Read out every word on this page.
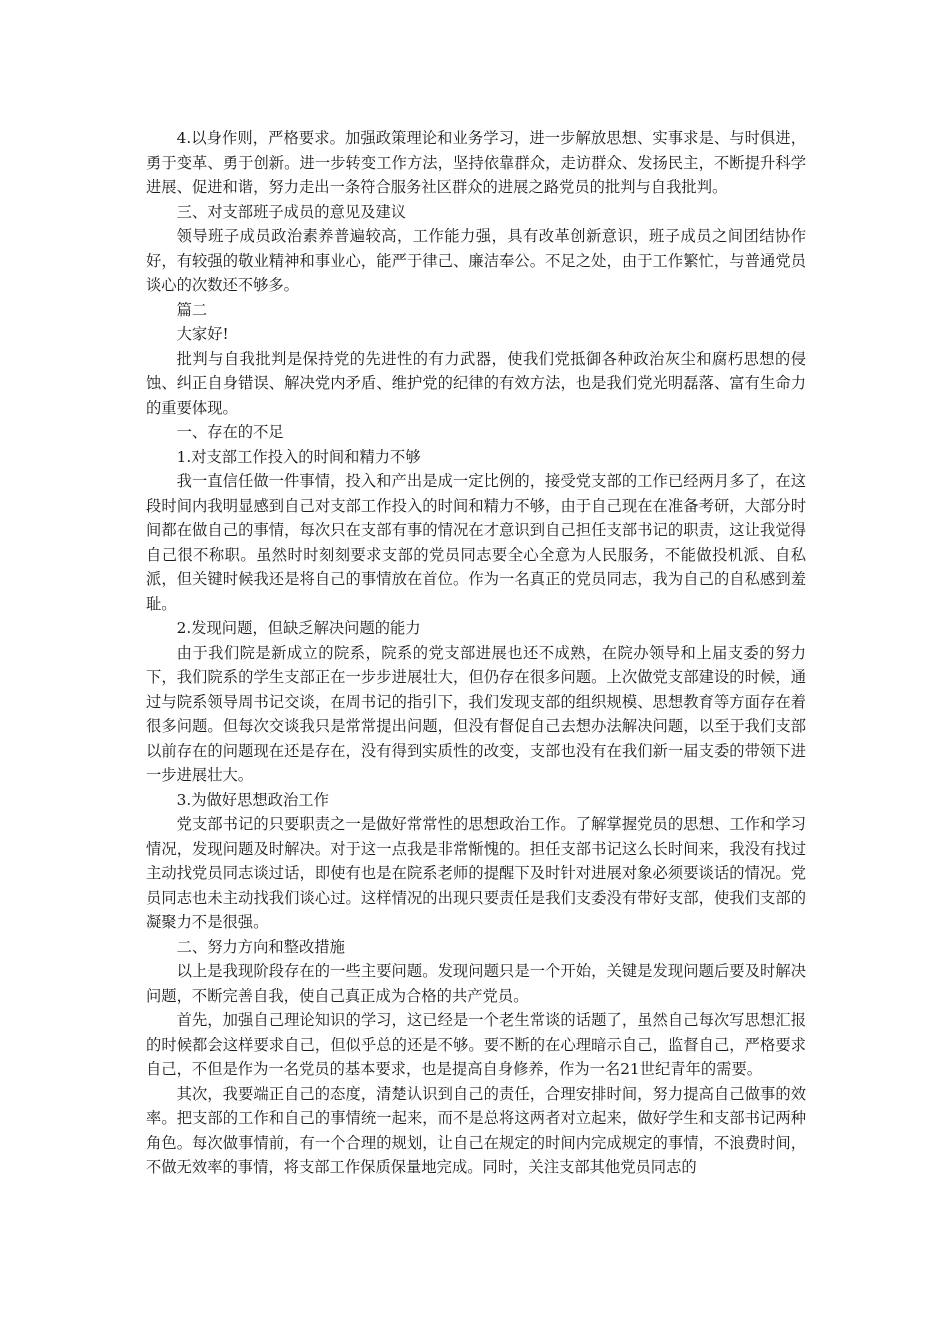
4.以身作则，严格要求。加强政策理论和业务学习，进一步解放思想、实事求是、与时俱进，勇于变革、勇于创新。进一步转变工作方法，坚持依靠群众，走访群众、发扬民主，不断提升科学进展、促进和谐，努力走出一条符合服务社区群众的进展之路党员的批判与自我批判。

三、对支部班子成员的意见及建议

领导班子成员政治素养普遍较高，工作能力强，具有改革创新意识，班子成员之间团结协作好，有较强的敬业精神和事业心，能严于律己、廉洁奉公。不足之处，由于工作繁忙，与普通党员谈心的次数还不够多。

篇二

大家好!

批判与自我批判是保持党的先进性的有力武器，使我们党抵御各种政治灰尘和腐朽思想的侵蚀、纠正自身错误、解决党内矛盾、维护党的纪律的有效方法，也是我们党光明磊落、富有生命力的重要体现。

一、存在的不足

1.对支部工作投入的时间和精力不够

我一直信任做一件事情，投入和产出是成一定比例的，接受党支部的工作已经两月多了，在这段时间内我明显感到自己对支部工作投入的时间和精力不够，由于自己现在在准备考研，大部分时间都在做自己的事情，每次只在支部有事的情况在才意识到自己担任支部书记的职责，这让我觉得自己很不称职。虽然时时刻刻要求支部的党员同志要全心全意为人民服务，不能做投机派、自私派，但关键时候我还是将自己的事情放在首位。作为一名真正的党员同志，我为自己的自私感到羞耻。

2.发现问题，但缺乏解决问题的能力

由于我们院是新成立的院系，院系的党支部进展也还不成熟，在院办领导和上届支委的努力下，我们院系的学生支部正在一步步进展壮大，但仍存在很多问题。上次做党支部建设的时候，通过与院系领导周书记交谈，在周书记的指引下，我们发现支部的组织规模、思想教育等方面存在着很多问题。但每次交谈我只是常常提出问题，但没有督促自己去想办法解决问题，以至于我们支部以前存在的问题现在还是存在，没有得到实质性的改变，支部也没有在我们新一届支委的带领下进一步进展壮大。

3.为做好思想政治工作

党支部书记的只要职责之一是做好常常性的思想政治工作。了解掌握党员的思想、工作和学习情况，发现问题及时解决。对于这一点我是非常惭愧的。担任支部书记这么长时间来，我没有找过主动找党员同志谈过话，即使有也是在院系老师的提醒下及时针对进展对象必须要谈话的情况。党员同志也未主动找我们谈心过。这样情况的出现只要责任是我们支委没有带好支部，使我们支部的凝聚力不是很强。

二、努力方向和整改措施

以上是我现阶段存在的一些主要问题。发现问题只是一个开始，关键是发现问题后要及时解决问题，不断完善自我，使自己真正成为合格的共产党员。

首先，加强自己理论知识的学习，这已经是一个老生常谈的话题了，虽然自己每次写思想汇报的时候都会这样要求自己，但似乎总的还是不够。要不断的在心理暗示自己，监督自己，严格要求自己，不但是作为一名党员的基本要求，也是提高自身修养，作为一名21世纪青年的需要。

其次，我要端正自己的态度，清楚认识到自己的责任，合理安排时间，努力提高自己做事的效率。把支部的工作和自己的事情统一起来，而不是总将这两者对立起来，做好学生和支部书记两种角色。每次做事情前，有一个合理的规划，让自己在规定的时间内完成规定的事情，不浪费时间，不做无效率的事情，将支部工作保质保量地完成。同时，关注支部其他党员同志的
